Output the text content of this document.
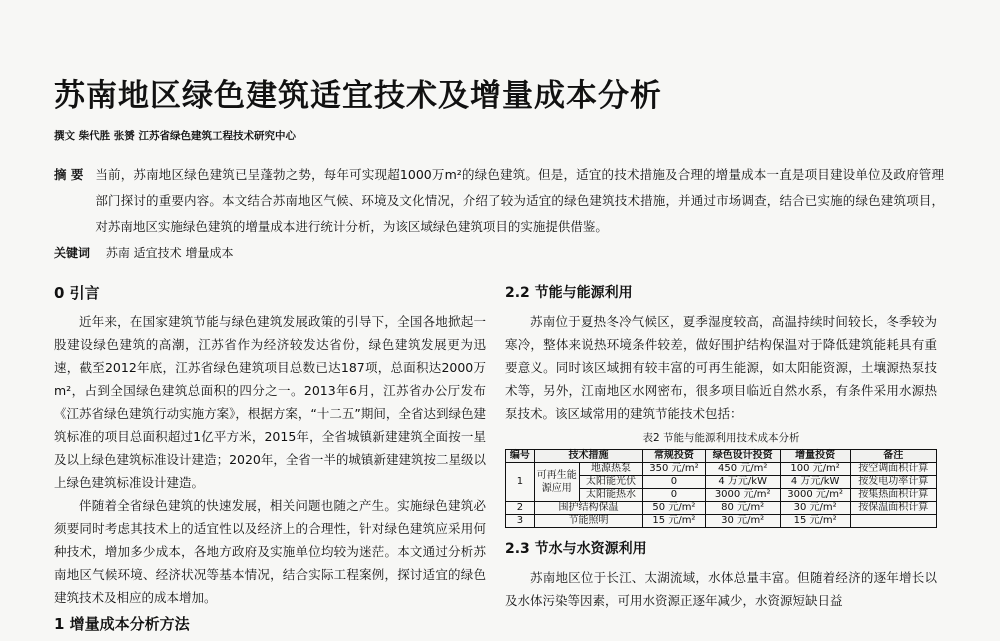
苏南地区绿色建筑适宜技术及增量成本分析
撰文 柴代胜 张赟 江苏省绿色建筑工程技术研究中心
摘 要 当前，苏南地区绿色建筑已呈蓬勃之势，每年可实现超1000万m²的绿色建筑。但是，适宜的技术措施及合理的增量成本一直是项目建设单位及政府管理部门探讨的重要内容。本文结合苏南地区气候、环境及文化情况，介绍了较为适宜的绿色建筑技术措施，并通过市场调查，结合已实施的绿色建筑项目，对苏南地区实施绿色建筑的增量成本进行统计分析，为该区域绿色建筑项目的实施提供借鉴。
关键词 苏南 适宜技术 增量成本
0 引言

近年来，在国家建筑节能与绿色建筑发展政策的引导下，全国各地掀起一股建设绿色建筑的高潮，江苏省作为经济较发达省份，绿色建筑发展更为迅速，截至2012年底，江苏省绿色建筑项目总数已达187项，总面积达2000万m²，占到全国绿色建筑总面积的四分之一。2013年6月，江苏省办公厅发布《江苏省绿色建筑行动实施方案》，根据方案，“十二五”期间，全省达到绿色建筑标准的项目总面积超过1亿平方米，2015年，全省城镇新建建筑全面按一星及以上绿色建筑标准设计建造；2020年，全省一半的城镇新建建筑按二星级以上绿色建筑标准设计建造。

伴随着全省绿色建筑的快速发展，相关问题也随之产生。实施绿色建筑必须要同时考虑其技术上的适宜性以及经济上的合理性，针对绿色建筑应采用何种技术，增加多少成本，各地方政府及实施单位均较为迷茫。本文通过分析苏南地区气候环境、经济状况等基本情况，结合实际工程案例，探讨适宜的绿色建筑技术及相应的成本增加。

1 增量成本分析方法
2.2 节能与能源利用

苏南位于夏热冬冷气候区，夏季湿度较高，高温持续时间较长，冬季较为寒冷，整体来说热环境条件较差，做好围护结构保温对于降低建筑能耗具有重要意义。同时该区域拥有较丰富的可再生能源，如太阳能资源，土壤源热泵技术等，另外，江南地区水网密布，很多项目临近自然水系，有条件采用水源热泵技术。该区域常用的建筑节能技术包括：

表2 节能与能源利用技术成本分析
编号	技术措施		常规投资	绿色设计投资	增量投资	备注
1	可再生能源应用	地源热泵	350 元/m²	450 元/m²	100 元/m²	按空调面积计算
		太阳能光伏	0	4 万元/kW	4 万元/kW	按发电功率计算
		太阳能热水	0	3000 元/m²	3000 元/m²	按集热面积计算
2	围护结构保温		50 元/m²	80 元/m²	30 元/m²	按保温面积计算
3	节能照明		15 元/m²	30 元/m²	15 元/m²	
2.3 节水与水资源利用

苏南地区位于长江、太湖流域，水体总量丰富。但随着经济的逐年增长以及水体污染等因素，可用水资源正逐年减少，水资源短缺日益
